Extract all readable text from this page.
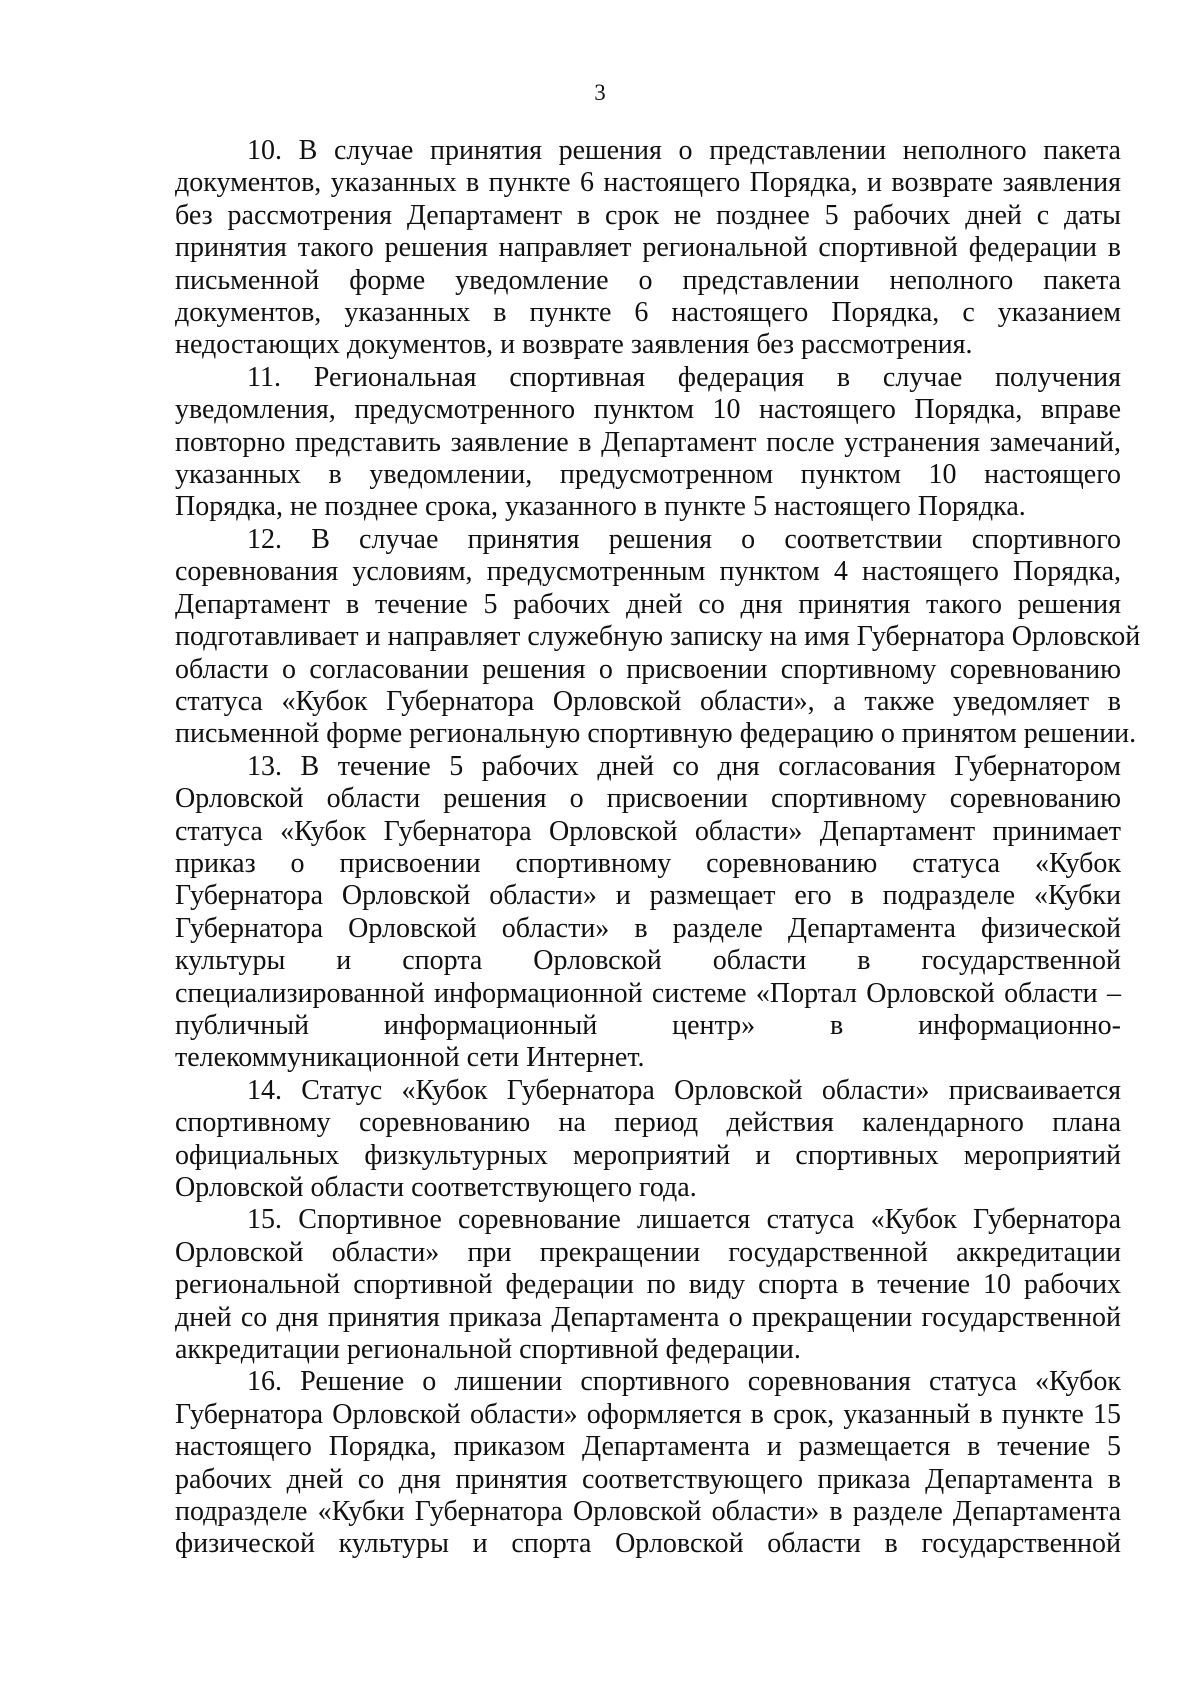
3

10. В случае принятия решения о представлении неполного пакета
документов, указанных в пункте 6 настоящего Порядка, и возврате заявления
без рассмотрения Департамент в срок не позднее 5 рабочих дней с даты
принятия такого решения направляет региональной спортивной федерации в
письменной форме уведомление о представлении неполного пакета
документов, указанных в пункте 6 настоящего Порядка, с указанием
недостающих документов, и возврате заявления без рассмотрения.

11. Региональная спортивная федерация в случае получения
уведомления, предусмотренного пунктом 10 настоящего Порядка, вправе
повторно представить заявление в Департамент после устранения замечаний,
указанных в уведомлении, предусмотренном пунктом 10 настоящего
Порядка, не позднее срока, указанного в пункте 5 настоящего Порядка.

12. В случае принятия решения о соответствии спортивного
соревнования условиям, предусмотренным пунктом 4 настоящего Порядка,
Департамент в течение 5 рабочих дней со дня принятия такого решения
подготавливает и направляет служебную записку на имя Губернатора Орловской
области о согласовании решения о присвоении спортивному соревнованию
статуса «Кубок Губернатора Орловской области», а также уведомляет в
письменной форме региональную спортивную федерацию о принятом решении.

13. В течение 5 рабочих дней со дня согласования Губернатором
Орловской области решения о присвоении спортивному соревнованию
статуса «Кубок Губернатора Орловской области» Департамент принимает
приказ о присвоении спортивному соревнованию статуса «Кубок
Губернатора Орловской области» и размещает его в подразделе «Кубки
Губернатора Орловской области» в разделе Департамента физической
культуры и спорта Орловской области в государственной
специализированной информационной системе «Портал Орловской области –
публичный информационный центр» в информационно-
телекоммуникационной сети Интернет.

14. Статус «Кубок Губернатора Орловской области» присваивается
спортивному соревнованию на период действия календарного плана
официальных физкультурных мероприятий и спортивных мероприятий
Орловской области соответствующего года.

15. Спортивное соревнование лишается статуса «Кубок Губернатора
Орловской области» при прекращении государственной аккредитации
региональной спортивной федерации по виду спорта в течение 10 рабочих
дней со дня принятия приказа Департамента о прекращении государственной
аккредитации региональной спортивной федерации.

16. Решение о лишении спортивного соревнования статуса «Кубок
Губернатора Орловской области» оформляется в срок, указанный в пункте 15
настоящего Порядка, приказом Департамента и размещается в течение 5
рабочих дней со дня принятия соответствующего приказа Департамента в
подразделе «Кубки Губернатора Орловской области» в разделе Департамента
физической культуры и спорта Орловской области в государственной
